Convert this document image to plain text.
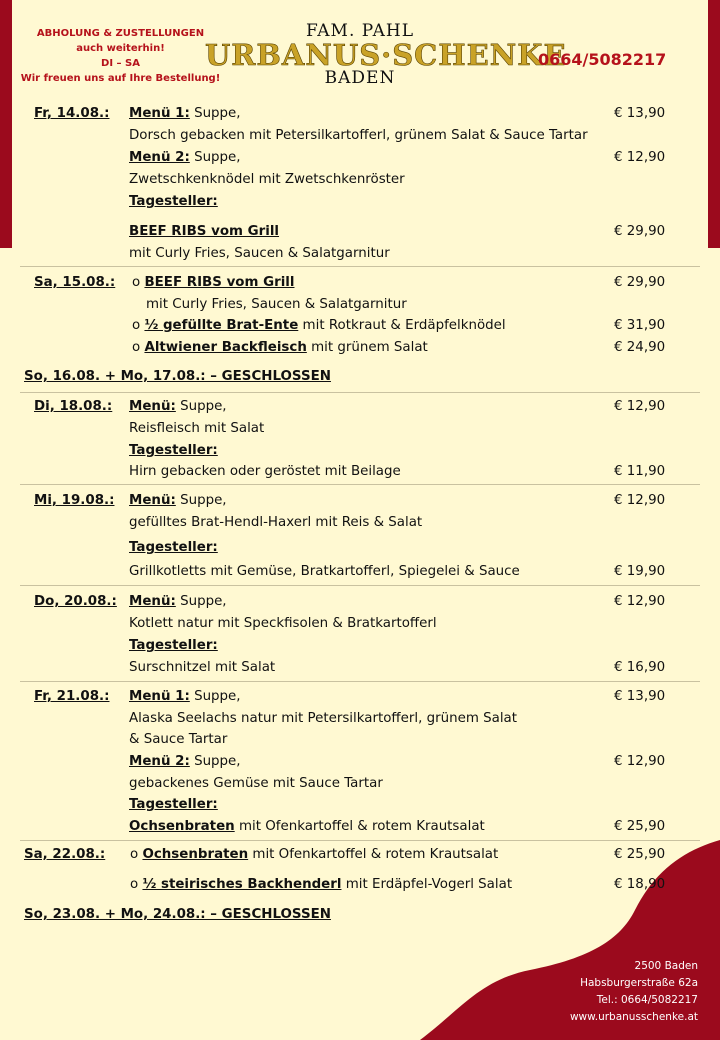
ABHOLUNG & ZUSTELLUNGEN
auch weiterhin!
DI – SA
Wir freuen uns auf Ihre Bestellung!
FAM. PAHL
URBANUS·SCHENKE
BADEN
0664/5082217
Fr, 14.08.: Menü 1: Suppe,	€ 13,90
Dorsch gebacken mit Petersilkartofferl, grünem Salat & Sauce Tartar
Menü 2: Suppe,	€ 12,90
Zwetschkenknödel mit Zwetschkenröster
Tagesteller:
BEEF RIBS vom Grill	€ 29,90
mit Curly Fries, Saucen & Salatgarnitur
Sa, 15.08.: o BEEF RIBS vom Grill	€ 29,90
mit Curly Fries, Saucen & Salatgarnitur
o ½ gefüllte Brat-Ente mit Rotkraut & Erdäpfelknödel	€ 31,90
o Altwiener Backfleisch mit grünem Salat	€ 24,90
So, 16.08. + Mo, 17.08.: – GESCHLOSSEN
Di, 18.08.: Menü: Suppe,	€ 12,90
Reisfleisch mit Salat
Tagesteller:
Hirn gebacken oder geröstet mit Beilage	€ 11,90
Mi, 19.08.: Menü: Suppe,	€ 12,90
gefülltes Brat-Hendl-Haxerl mit Reis & Salat
Tagesteller:
Grillkotletts mit Gemüse, Bratkartofferl, Spiegelei & Sauce	€ 19,90
Do, 20.08.: Menü: Suppe,	€ 12,90
Kotlett natur mit Speckfisolen & Bratkartofferl
Tagesteller:
Surschnitzel mit Salat	€ 16,90
Fr, 21.08.: Menü 1: Suppe,	€ 13,90
Alaska Seelachs natur mit Petersilkartofferl, grünem Salat
& Sauce Tartar
Menü 2: Suppe,	€ 12,90
gebackenes Gemüse mit Sauce Tartar
Tagesteller:
Ochsenbraten mit Ofenkartoffel & rotem Krautsalat	€ 25,90
Sa, 22.08.: o Ochsenbraten mit Ofenkartoffel & rotem Krautsalat	€ 25,90
o ½ steirisches Backhenderl mit Erdäpfel-Vogerl Salat	€ 18,90
So, 23.08. + Mo, 24.08.: – GESCHLOSSEN
2500 Baden
Habsburgerstraße 62a
Tel.: 0664/5082217
www.urbanusschenke.at
